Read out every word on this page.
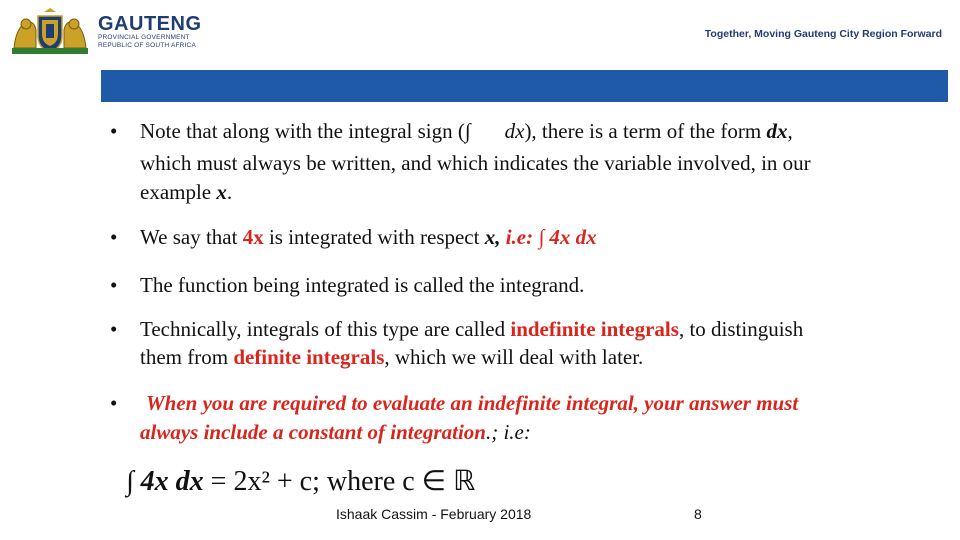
GAUTENG
PROVINCIAL GOVERNMENT
REPUBLIC OF SOUTH AFRICA
Together, Moving Gauteng City Region Forward
•	Note that along with the integral sign (∫ dx), there is a term of the form dx,
which must always be written, and which indicates the variable involved, in our
example x.
•	We say that 4x is integrated with respect x, i.e: ∫ 4x dx
•	The function being integrated is called the integrand.
•	Technically, integrals of this type are called indefinite integrals, to distinguish
them from definite integrals, which we will deal with later.
•	When you are required to evaluate an indefinite integral, your answer must
always include a constant of integration.; i.e:
∫ 4x dx = 2x² + c; where c ∈ ℝ
Ishaak Cassim - February 2018	8
